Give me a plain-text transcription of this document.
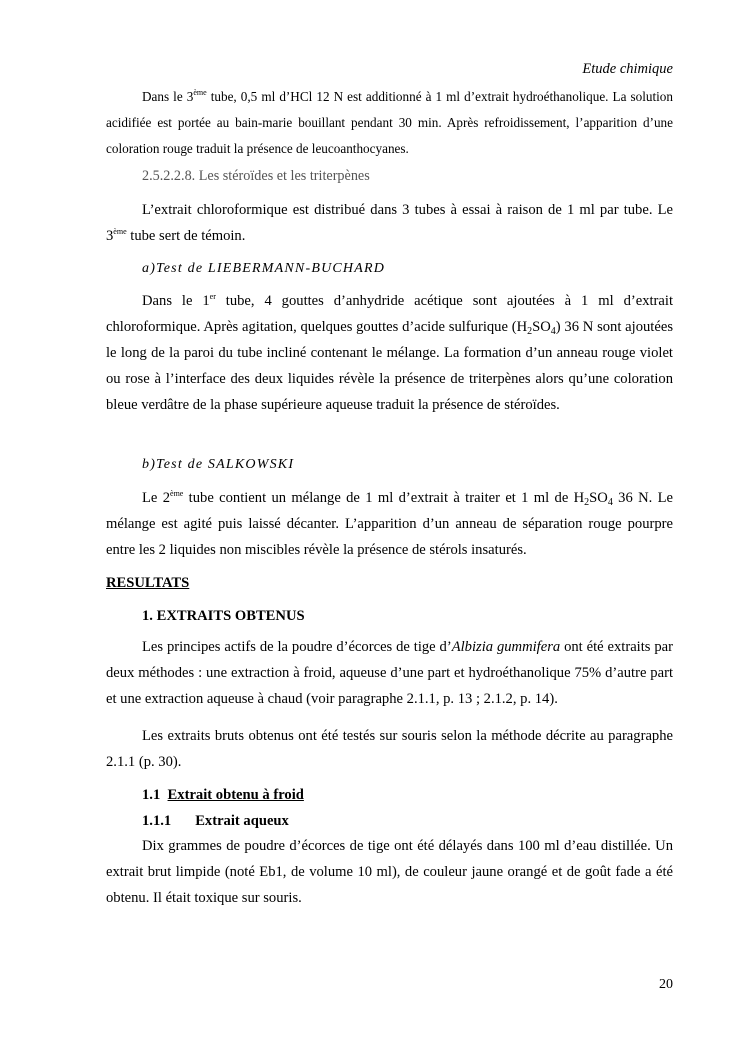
Etude chimique

Dans le 3ème tube, 0,5 ml d’HCl 12 N est additionné à 1 ml d’extrait hydroéthanolique. La solution acidifiée est portée au bain-marie bouillant pendant 30 min. Après refroidissement, l’apparition d’une coloration rouge traduit la présence de leucoanthocyanes.

2.5.2.2.8. Les stéroïdes et les triterpènes

L’extrait chloroformique est distribué dans 3 tubes à essai à raison de 1 ml par tube. Le 3ème tube sert de témoin.

a)Test de LIEBERMANN-BUCHARD

Dans le 1er tube, 4 gouttes d’anhydride acétique sont ajoutées à 1 ml d’extrait chloroformique. Après agitation, quelques gouttes d’acide sulfurique $(H_2SO_4)$ 36 N sont ajoutées le long de la paroi du tube incliné contenant le mélange. La formation d’un anneau rouge violet ou rose à l’interface des deux liquides révèle la présence de triterpènes alors qu’une coloration bleue verdâtre de la phase supérieure aqueuse traduit la présence de stéroïdes.

b)Test de SALKOWSKI

Le 2ème tube contient un mélange de 1 ml d’extrait à traiter et 1 ml de $H_2SO_4$ 36 N. Le mélange est agité puis laissé décanter. L’apparition d’un anneau de séparation rouge pourpre entre les 2 liquides non miscibles révèle la présence de stérols insaturés.

RESULTATS
1. EXTRAITS OBTENUS

Les principes actifs de la poudre d’écorces de tige d’Albizia gummifera ont été extraits par deux méthodes : une extraction à froid, aqueuse d’une part et hydroéthanolique 75% d’autre part et une extraction aqueuse à chaud (voir paragraphe 2.1.1, p. 13 ; 2.1.2, p. 14).

Les extraits bruts obtenus ont été testés sur souris selon la méthode décrite au paragraphe 2.1.1 (p. 30).

1.1 Extrait obtenu à froid
1.1.1 Extrait aqueux

Dix grammes de poudre d’écorces de tige ont été délayés dans 100 ml d’eau distillée. Un extrait brut limpide (noté Eb1, de volume 10 ml), de couleur jaune orangé et de goût fade a été obtenu. Il était toxique sur souris.

20
